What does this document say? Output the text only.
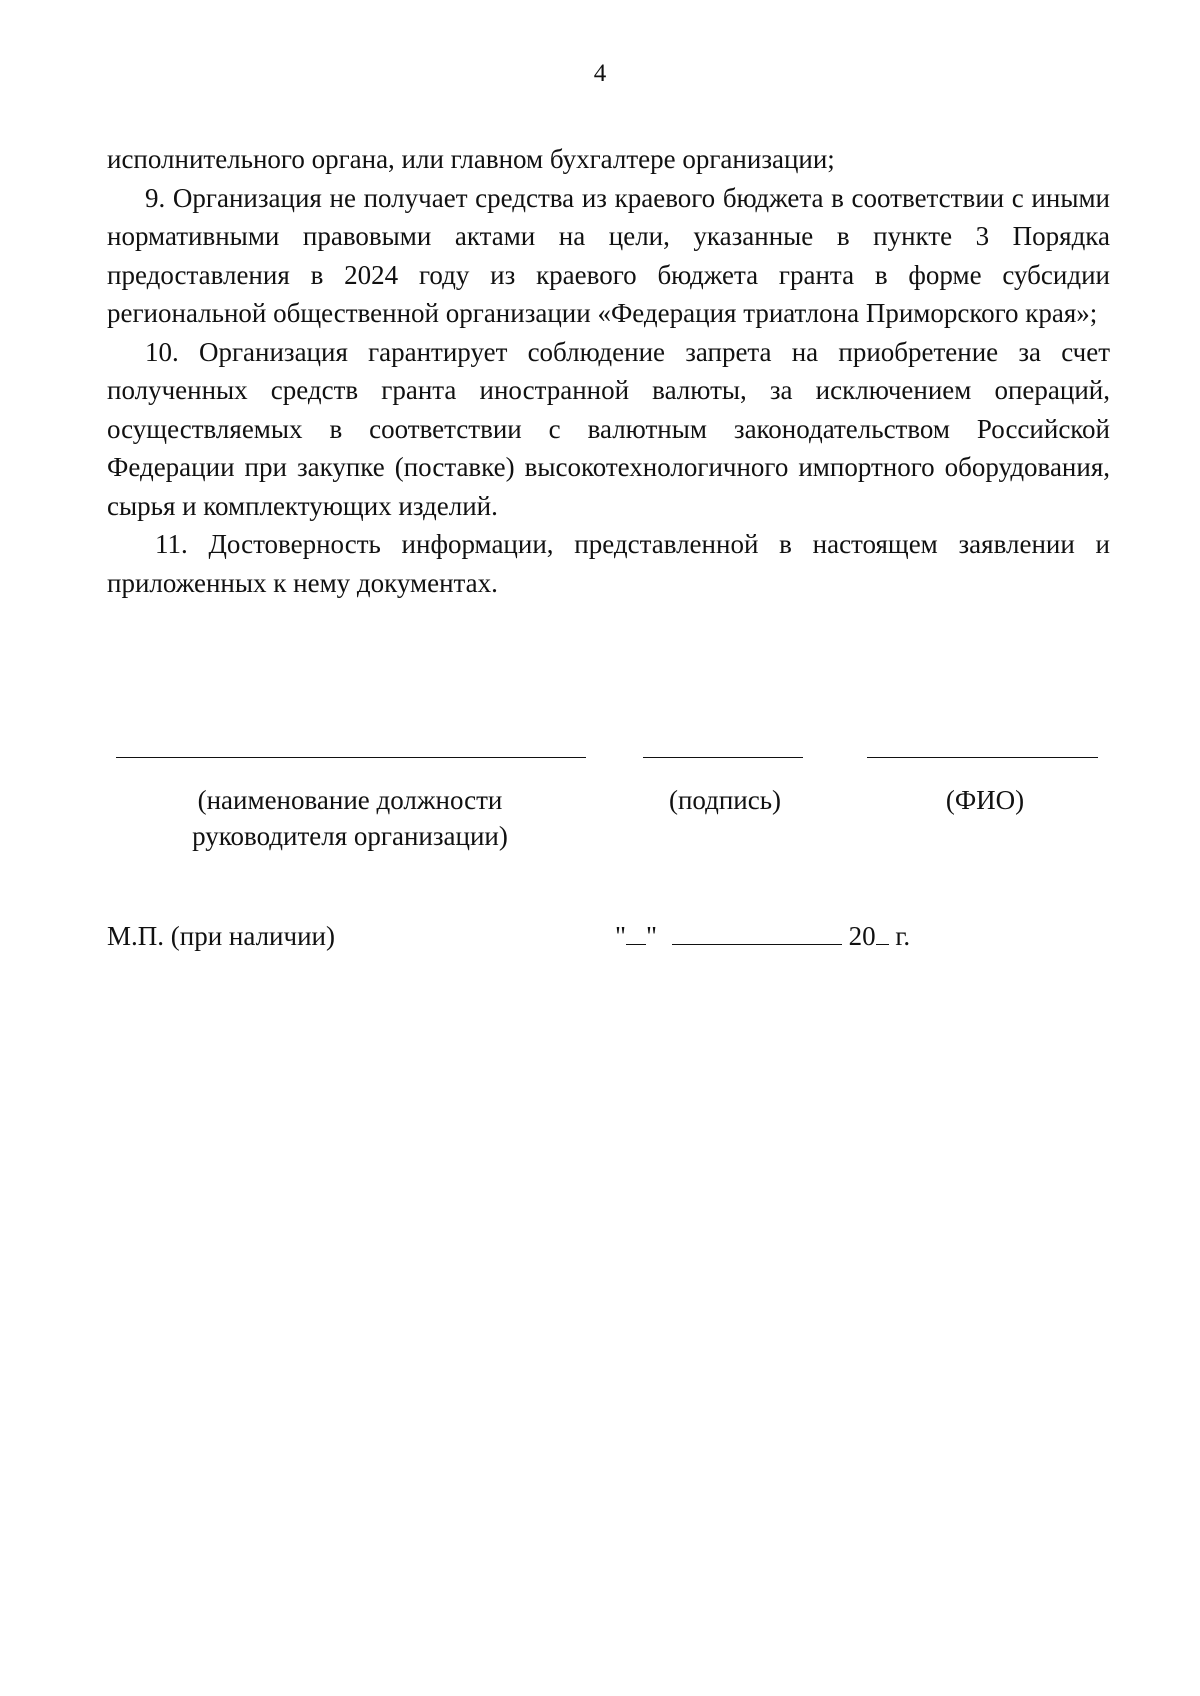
4

исполнительного органа, или главном бухгалтере организации;

9. Организация не получает средства из краевого бюджета в соответствии с иными нормативными правовыми актами на цели, указанные в пункте 3 Порядка предоставления в 2024 году из краевого бюджета гранта в форме субсидии региональной общественной организации «Федерация триатлона Приморского края»;

10. Организация гарантирует соблюдение запрета на приобретение за счет полученных средств гранта иностранной валюты, за исключением операций, осуществляемых в соответствии с валютным законодательством Российской Федерации при закупке (поставке) высокотехнологичного импортного оборудования, сырья и комплектующих изделий.

11. Достоверность информации, представленной в настоящем заявлении и приложенных к нему документах.

(наименование должности руководителя организации)
(подпись)	(ФИО)
М.П. (при наличии)	" "	20 г.
